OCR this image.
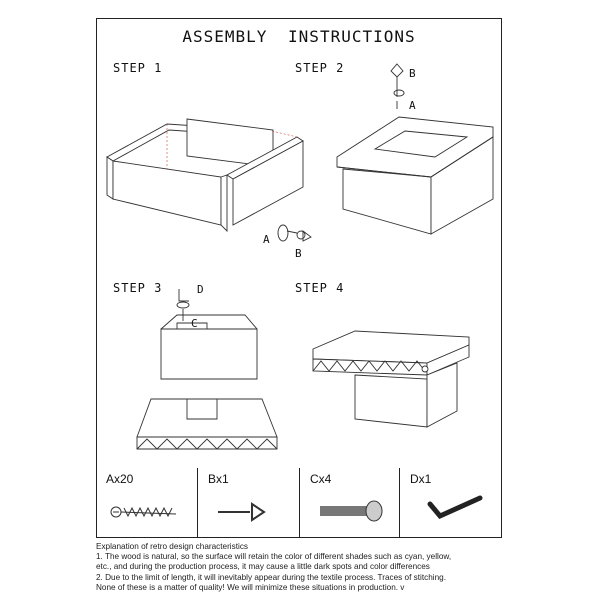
ASSEMBLY INSTRUCTIONS
STEP 1	STEP 2
STEP 3	STEP 4
A
B
B
A
D
C
Ax20	Bx1	Cx4	Dx1
Explanation of retro design characteristics
1. The wood is natural, so the surface will retain the color of different shades such as cyan, yellow,
etc., and during the production process, it may cause a little dark spots and color differences
2. Due to the limit of length, it will inevitably appear during the textile process. Traces of stitching.
None of these is a matter of quality! We will minimize these situations in production. v
